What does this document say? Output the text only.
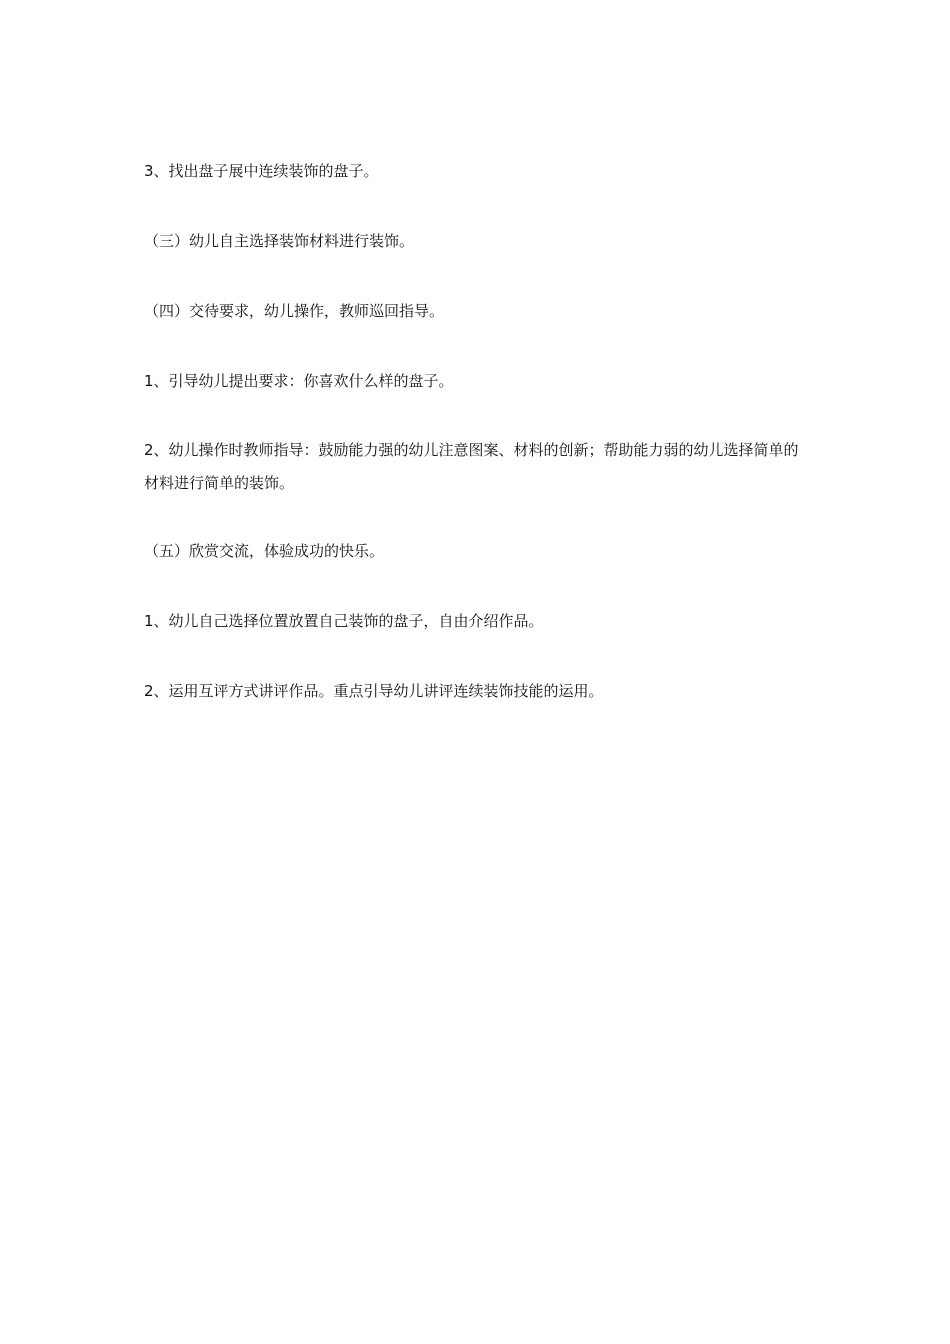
3、找出盘子展中连续装饰的盘子。

（三）幼儿自主选择装饰材料进行装饰。

（四）交待要求，幼儿操作，教师巡回指导。

1、引导幼儿提出要求：你喜欢什么样的盘子。

2、幼儿操作时教师指导：鼓励能力强的幼儿注意图案、材料的创新；帮助能力弱的幼儿选择简单的材料进行简单的装饰。

（五）欣赏交流，体验成功的快乐。

1、幼儿自己选择位置放置自己装饰的盘子，自由介绍作品。

2、运用互评方式讲评作品。重点引导幼儿讲评连续装饰技能的运用。
